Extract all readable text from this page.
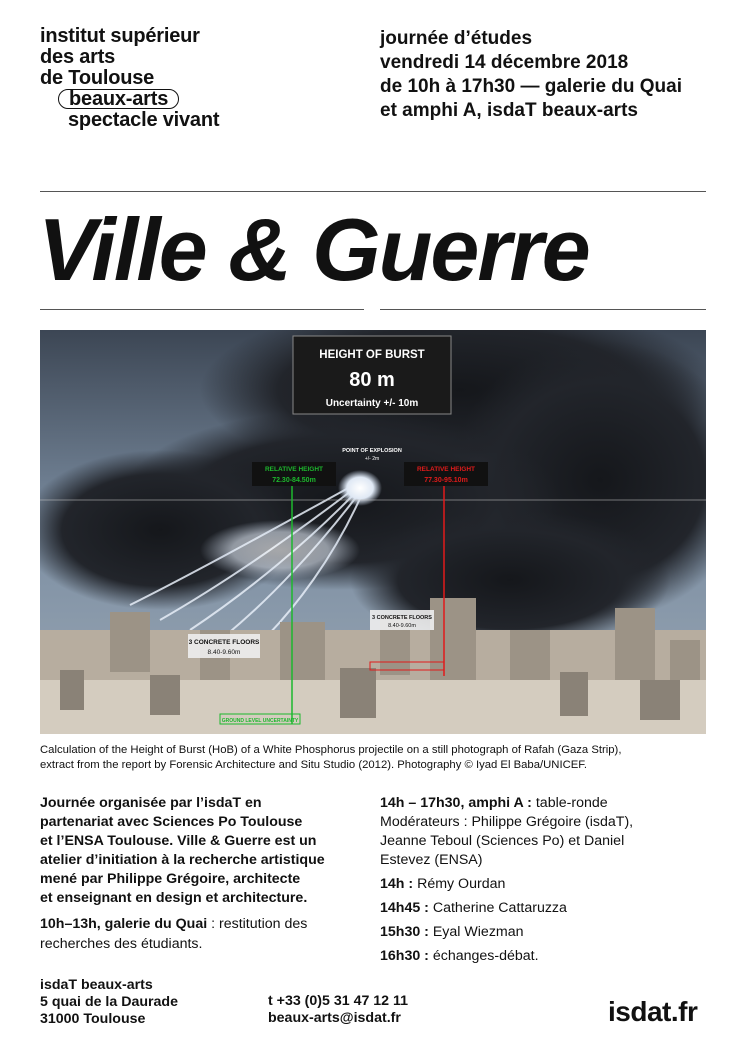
institut supérieur
des arts
de Toulouse
beaux-arts
spectacle vivant
journée d’études
vendredi 14 décembre 2018
de 10h à 17h30 — galerie du Quai
et amphi A, isdaT beaux-arts
Ville & Guerre
HEIGHT OF BURST
80 m
Uncertainty +/- 10m
POINT OF EXPLOSION
+/- 2m
RELATIVE HEIGHT
72.30-84.50m
RELATIVE HEIGHT
77.30-95.10m
3 CONCRETE FLOORS
8.40-9.60m
3 CONCRETE FLOORS
8.40-9.60m
GROUND LEVEL UNCERTAINTY
Calculation of the Height of Burst (HoB) of a White Phosphorus projectile on a still photograph of Rafah (Gaza Strip),
extract from the report by Forensic Architecture and Situ Studio (2012). Photography © Iyad El Baba/UNICEF.
Journée organisée par l’isdaT en
partenariat avec Sciences Po Toulouse
et l’ENSA Toulouse. Ville & Guerre est un
atelier d’initiation à la recherche artistique
mené par Philippe Grégoire, architecte
et enseignant en design et architecture.
10h–13h, galerie du Quai : restitution des
recherches des étudiants.
14h – 17h30, amphi A : table-ronde
Modérateurs : Philippe Grégoire (isdaT),
Jeanne Teboul (Sciences Po) et Daniel
Estevez (ENSA)
14h : Rémy Ourdan
14h45 : Catherine Cattaruzza
15h30 : Eyal Wiezman
16h30 : échanges-débat.
isdaT beaux-arts
5 quai de la Daurade
31000 Toulouse
t +33 (0)5 31 47 12 11
beaux-arts@isdat.fr	isdat.fr
